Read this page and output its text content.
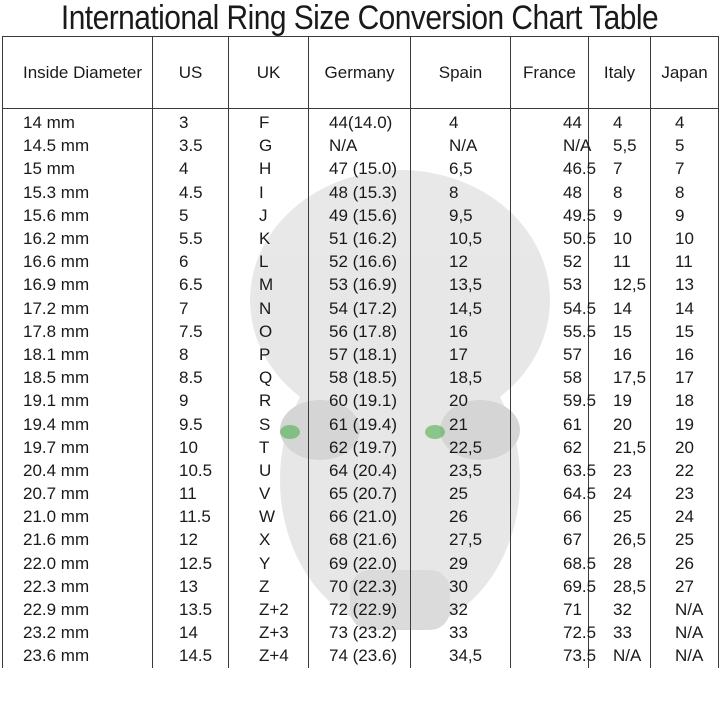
International Ring Size Conversion Chart Table
Inside Diameter	US	UK	Germany	Spain	France	Italy	Japan
14 mm	3	F	44(14.0)	4	44	4	4
14.5 mm	3.5	G	N/A	N/A	N/A	5,5	5
15 mm	4	H	47 (15.0)	6,5	46.5	7	7
15.3 mm	4.5	I	48 (15.3)	8	48	8	8
15.6 mm	5	J	49 (15.6)	9,5	49.5	9	9
16.2 mm	5.5	K	51 (16.2)	10,5	50.5	10	10
16.6 mm	6	L	52 (16.6)	12	52	11	11
16.9 mm	6.5	M	53 (16.9)	13,5	53	12,5	13
17.2 mm	7	N	54 (17.2)	14,5	54.5	14	14
17.8 mm	7.5	O	56 (17.8)	16	55.5	15	15
18.1 mm	8	P	57 (18.1)	17	57	16	16
18.5 mm	8.5	Q	58 (18.5)	18,5	58	17,5	17
19.1 mm	9	R	60 (19.1)	20	59.5	19	18
19.4 mm	9.5	S	61 (19.4)	21	61	20	19
19.7 mm	10	T	62 (19.7)	22,5	62	21,5	20
20.4 mm	10.5	U	64 (20.4)	23,5	63.5	23	22
20.7 mm	11	V	65 (20.7)	25	64.5	24	23
21.0 mm	11.5	W	66 (21.0)	26	66	25	24
21.6 mm	12	X	68 (21.6)	27,5	67	26,5	25
22.0 mm	12.5	Y	69 (22.0)	29	68.5	28	26
22.3 mm	13	Z	70 (22.3)	30	69.5	28,5	27
22.9 mm	13.5	Z+2	72 (22.9)	32	71	32	N/A
23.2 mm	14	Z+3	73 (23.2)	33	72.5	33	N/A
23.6 mm	14.5	Z+4	74 (23.6)	34,5	73.5	N/A	N/A
